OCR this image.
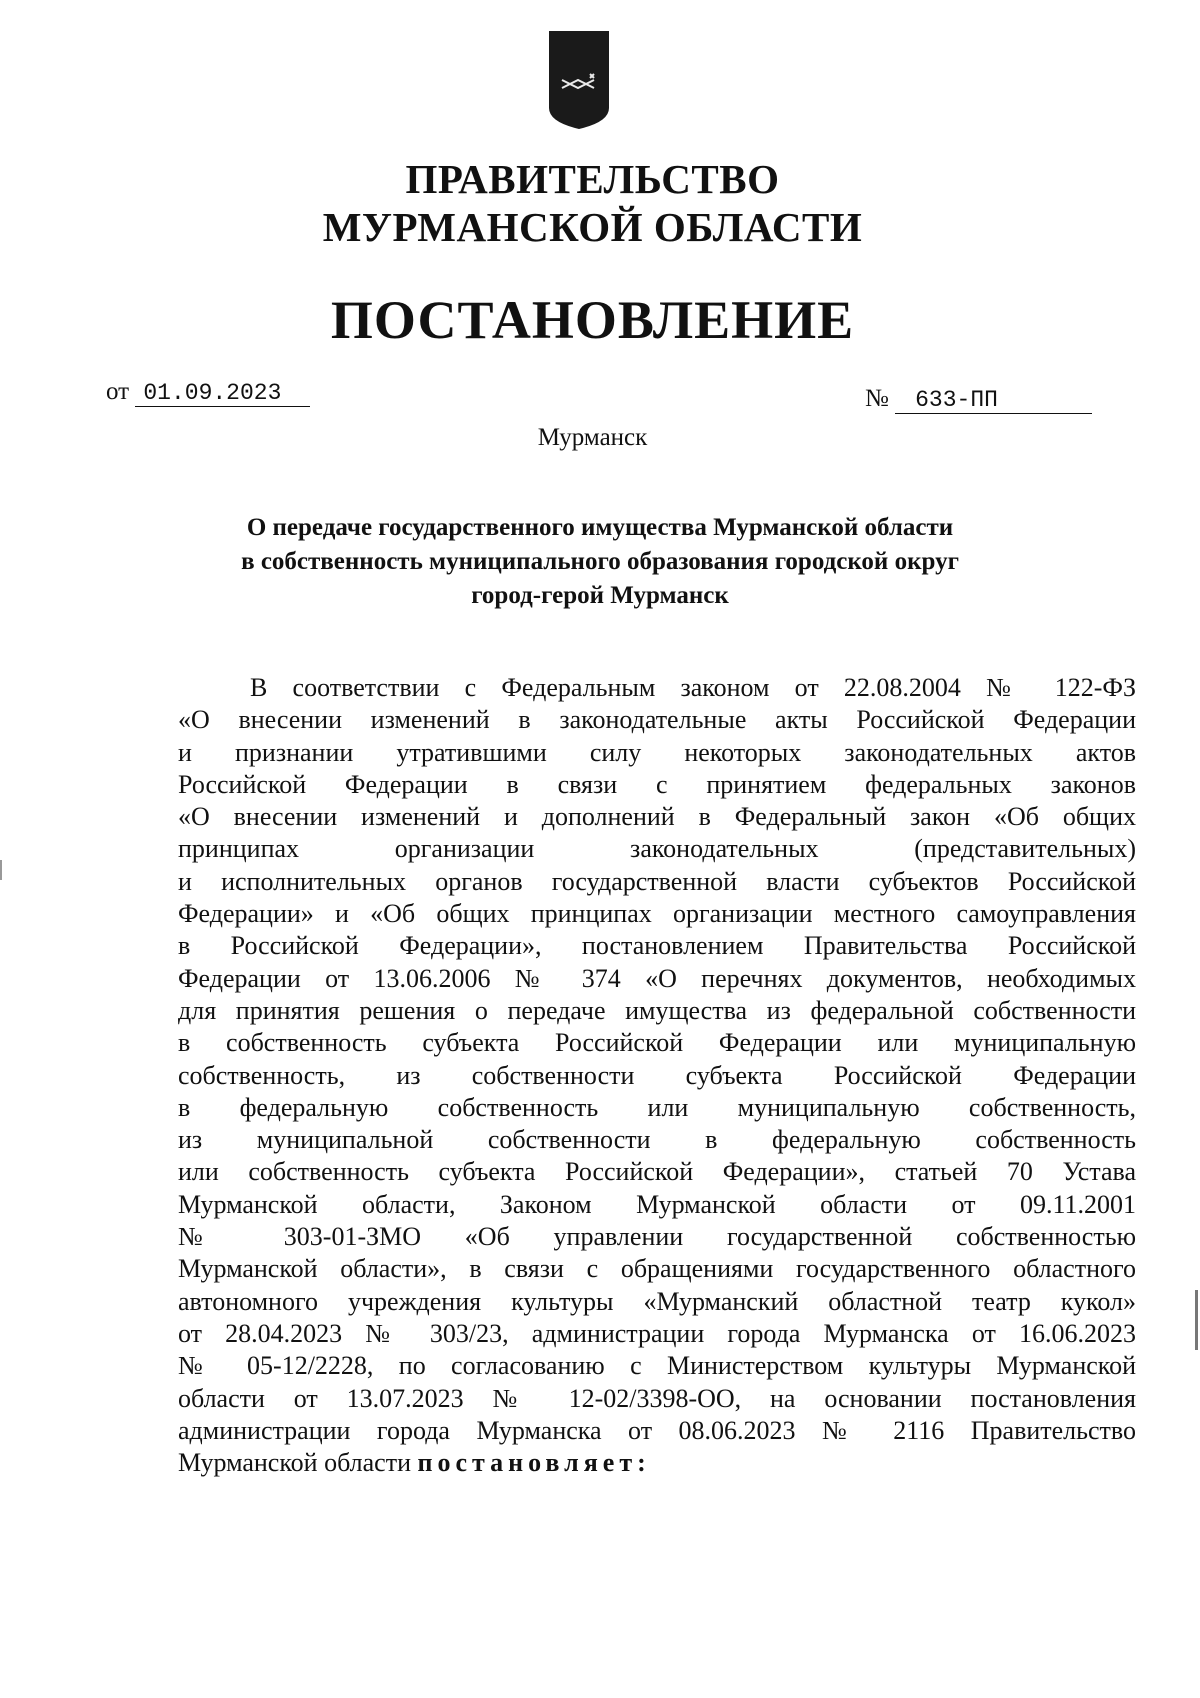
ПРАВИТЕЛЬСТВО
МУРМАНСКОЙ ОБЛАСТИ
ПОСТАНОВЛЕНИЕ
от 01.09.2023	№ 633-ПП
Мурманск
О передаче государственного имущества Мурманской области
в собственность муниципального образования городской округ
город-герой Мурманск
В соответствии с Федеральным законом от 22.08.2004 № 122-ФЗ
«О внесении изменений в законодательные акты Российской Федерации
и признании утратившими силу некоторых законодательных актов
Российской Федерации в связи с принятием федеральных законов
«О внесении изменений и дополнений в Федеральный закон «Об общих
принципах организации законодательных (представительных)
и исполнительных органов государственной власти субъектов Российской
Федерации» и «Об общих принципах организации местного самоуправления
в Российской Федерации», постановлением Правительства Российской
Федерации от 13.06.2006 № 374 «О перечнях документов, необходимых
для принятия решения о передаче имущества из федеральной собственности
в собственность субъекта Российской Федерации или муниципальную
собственность, из собственности субъекта Российской Федерации
в федеральную собственность или муниципальную собственность,
из муниципальной собственности в федеральную собственность
или собственность субъекта Российской Федерации», статьей 70 Устава
Мурманской области, Законом Мурманской области от 09.11.2001
№ 303-01-ЗМО «Об управлении государственной собственностью
Мурманской области», в связи с обращениями государственного областного
автономного учреждения культуры «Мурманский областной театр кукол»
от 28.04.2023 № 303/23, администрации города Мурманска от 16.06.2023
№ 05-12/2228, по согласованию с Министерством культуры Мурманской
области от 13.07.2023 № 12-02/3398-ОО, на основании постановления
администрации города Мурманска от 08.06.2023 № 2116 Правительство
Мурманской области постановляет:
